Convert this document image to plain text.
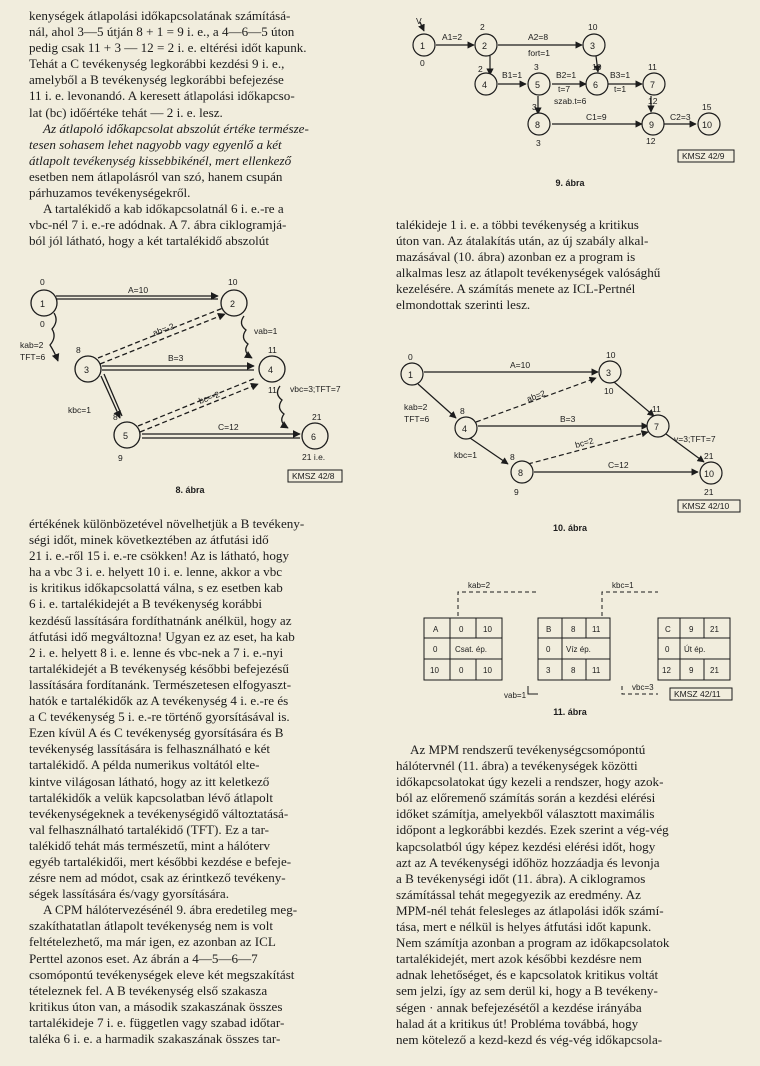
kenységek átlapolási időkapcsolatának számításá-

nál, ahol 3—5 útján 8 + 1 = 9 i. e., a 4—6—5 úton

pedig csak 11 + 3 — 12 = 2 i. e. eltérési időt kapunk.

Tehát a C tevékenység legkorábbi kezdési 9 i. e.,

amelyből a B tevékenység legkorábbi befejezése

11 i. e. levonandó. A keresett átlapolási időkapcso-

lat (bc) időértéke tehát — 2 i. e. lesz.

Az átlapoló időkapcsolat abszolút értéke természe-

tesen sohasem lehet nagyobb vagy egyenlő a két

átlapolt tevékenység kissebbikénél, mert ellenkező

esetben nem átlapolásról van szó, hanem csupán

párhuzamos tevékenységekről.

A tartalékidő a kab időkapcsolatnál 6 i. e.-re a

vbc-nél 7 i. e.-re adódnak. A 7. ábra ciklogramjá-

ból jól látható, hogy a két tartalékidő abszolút

1	2
3	4
5	6
0
0
10
8	11
11
8
9
21
21 i.e.
A=10
B=3
C=12
ab=-2
bc=-2
vab=1
kab=2
TFT=6
vbc=3;TFT=7
kbc=1
KMSZ 42/8
8. ábra

értékének különbözetével növelhetjük a B tevékeny-

ségi időt, minek következtében az átfutási idő

21 i. e.-ről 15 i. e.-re csökken! Az is látható, hogy

ha a vbc 3 i. e. helyett 10 i. e. lenne, akkor a vbc

is kritikus időkapcsolattá válna, s ez esetben kab

6 i. e. tartalékidejét a B tevékenység korábbi

kezdésű lassítására fordíthatnánk anélkül, hogy az

átfutási idő megváltozna! Ugyan ez az eset, ha kab

2 i. e. helyett 8 i. e. lenne és vbc-nek a 7 i. e.-nyi

tartalékidejét a B tevékenység későbbi befejezésű

lassítására fordítanánk. Természetesen elfogyaszt-

hatók e tartalékidők az A tevékenység 4 i. e.-re és

a C tevékenység 5 i. e.-re történő gyorsításával is.

Ezen kívül A és C tevékenység gyorsítására és B

tevékenység lassítására is felhasználható e két

tartalékidő. A példa numerikus voltától elte-

kintve világosan látható, hogy az itt keletkező

tartalékidők a velük kapcsolatban lévő átlapolt

tevékenységeknek a tevékenységidő változtatásá-

val felhasználható tartalékidő (TFT). Ez a tar-

talékidő tehát más természetű, mint a hálóterv

egyéb tartalékidői, mert későbbi kezdése e befeje-

zésre nem ad módot, csak az érintkező tevékeny-

ségek lassítására és/vagy gyorsítására.

A CPM hálótervezésénél 9. ábra eredetileg meg-

szakíthatatlan átlapolt tevékenység nem is volt

feltételezhető, ma már igen, ez azonban az ICL

Perttel azonos eset. Az ábrán a 4—5—6—7

csomópontú tevékenységek eleve két megszakítást

tételeznek fel. A B tevékenység első szakasza

kritikus úton van, a második szakaszának összes

tartalékideje 7 i. e. független vagy szabad időtar-

taléka 6 i. e. a harmadik szakaszának összes tar-

1	2	3
4	5	6	7
8	9	10
A1=2	A2=8
fort=1
B1=1	B2=1	B3=1
t=7	t=1
szab.t=6
C1=9	C2=3
V
0
2	10
2	3	10	11
12
3
12
15
3
KMSZ 42/9
9. ábra

talékideje 1 i. e. a többi tevékenység a kritikus

úton van. Az átalakítás után, az új szabály alkal-

mazásával (10. ábra) azonban ez a program is

alkalmas lesz az átlapolt tevékenységek valósághű

kezelésére. A számítás menete az ICL-Pertnél

elmondottak szerinti lesz.

1	3
4	7
8	10
0	10
10
8	11
8
9
21
21
A=10
B=3
C=12
ab=2
bc=2
kab=2
TFT=6
kbc=1
v=3;TFT=7
KMSZ 42/10
10. ábra
A	0 10
0 Csat. ép.
10	0 10
B 8 11
0 Víz ép.
3	8 11
C 9 21
0 Út ép.
12 9 21
kab=2	kbc=1
vab=1
vbc=3
KMSZ 42/11
11. ábra

Az MPM rendszerű tevékenységcsomópontú

hálótervnél (11. ábra) a tevékenységek közötti

időkapcsolatokat úgy kezeli a rendszer, hogy azok-

ból az előremenő számítás során a kezdési elérési

időket számítja, amelyekből választott maximális

időpont a legkorábbi kezdés. Ezek szerint a vég-vég

kapcsolatból úgy képez kezdési elérési időt, hogy

azt az A tevékenységi időhöz hozzáadja és levonja

a B tevékenységi időt (11. ábra). A ciklogramos

számítással tehát megegyezik az eredmény. Az

MPM-nél tehát felesleges az átlapolási idők számí-

tása, mert e nélkül is helyes átfutási időt kapunk.

Nem számítja azonban a program az időkapcsolatok

tartalékidejét, mert azok későbbi kezdésre nem

adnak lehetőséget, és e kapcsolatok kritikus voltát

sem jelzi, így az sem derül ki, hogy a B tevékeny-

ségen · annak befejezésétől a kezdése irányába

halad át a kritikus út! Probléma továbbá, hogy

nem kötelező a kezd-kezd és vég-vég időkapcsola-
